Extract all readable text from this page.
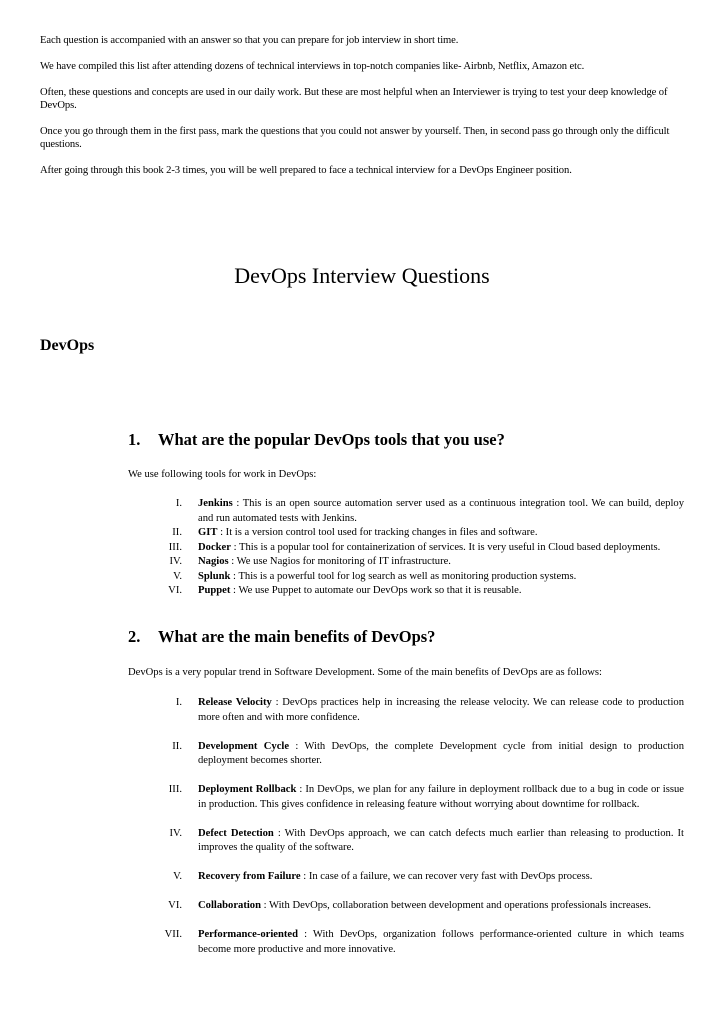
Each question is accompanied with an answer so that you can prepare for job interview in short time.

We have compiled this list after attending dozens of technical interviews in top-notch companies like- Airbnb, Netflix, Amazon etc.

Often, these questions and concepts are used in our daily work. But these are most helpful when an Interviewer is trying to test your deep knowledge of DevOps.

Once you go through them in the first pass, mark the questions that you could not answer by yourself. Then, in second pass go through only the difficult questions.

After going through this book 2-3 times, you will be well prepared to face a technical interview for a DevOps Engineer position.

DevOps Interview Questions
DevOps
1. What are the popular DevOps tools that you use?

We use following tools for work in DevOps:

I. Jenkins : This is an open source automation server used as a continuous integration tool. We can build, deploy and run automated tests with Jenkins.
II. GIT : It is a version control tool used for tracking changes in files and software.
III. Docker : This is a popular tool for containerization of services. It is very useful in Cloud based deployments.
IV. Nagios : We use Nagios for monitoring of IT infrastructure.
V. Splunk : This is a powerful tool for log search as well as monitoring production systems.
VI. Puppet : We use Puppet to automate our DevOps work so that it is reusable.
2. What are the main benefits of DevOps?

DevOps is a very popular trend in Software Development. Some of the main benefits of DevOps are as follows:

I. Release Velocity : DevOps practices help in increasing the release velocity. We can release code to production more often and with more confidence.
II. Development Cycle : With DevOps, the complete Development cycle from initial design to production deployment becomes shorter.
III. Deployment Rollback : In DevOps, we plan for any failure in deployment rollback due to a bug in code or issue in production. This gives confidence in releasing feature without worrying about downtime for rollback.
IV. Defect Detection : With DevOps approach, we can catch defects much earlier than releasing to production. It improves the quality of the software.
V. Recovery from Failure : In case of a failure, we can recover very fast with DevOps process.
VI. Collaboration : With DevOps, collaboration between development and operations professionals increases.
VII. Performance-oriented : With DevOps, organization follows performance-oriented culture in which teams become more productive and more innovative.
